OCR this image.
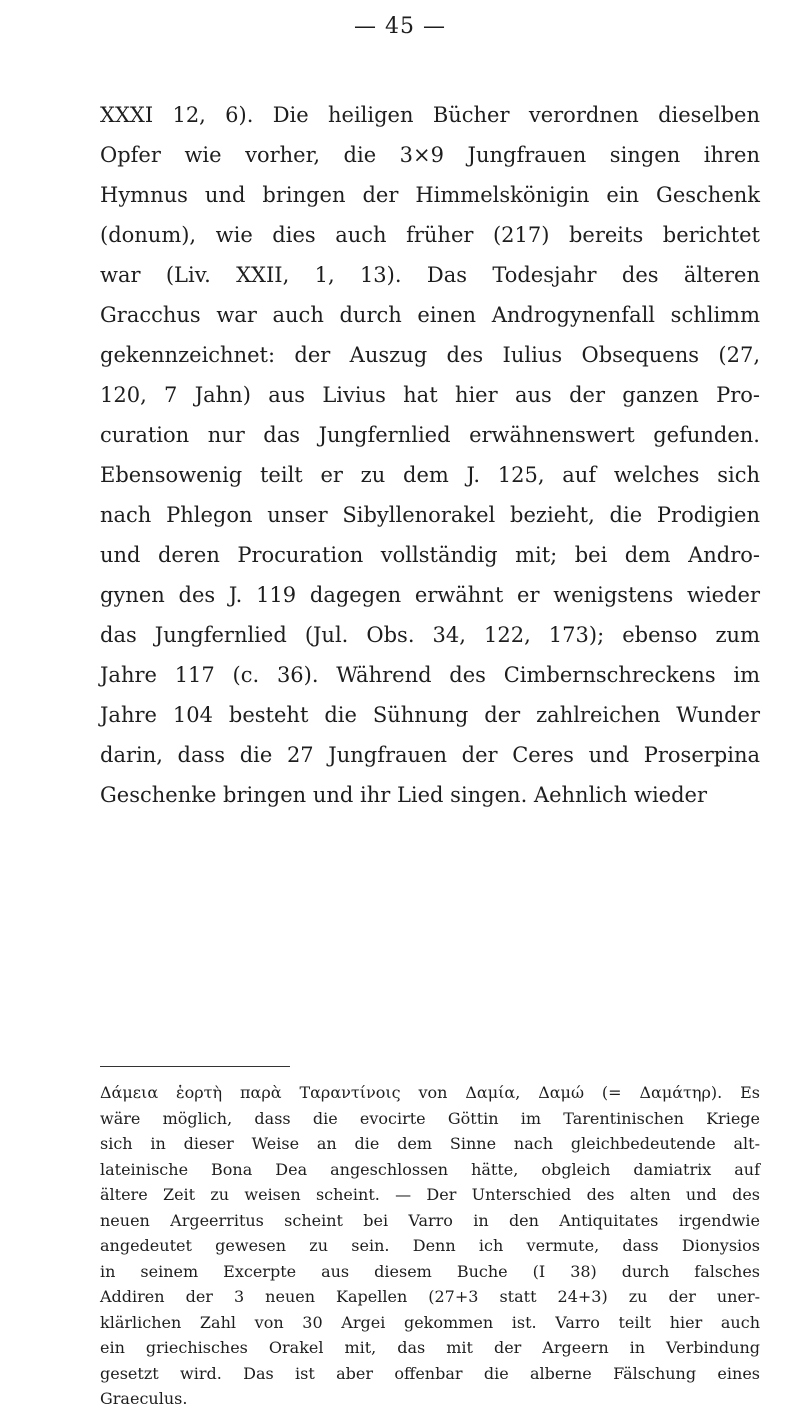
— 45 —
XXXI 12, 6). Die heiligen Bücher verordnen dieselben
Opfer wie vorher, die 3×9 Jungfrauen singen ihren
Hymnus und bringen der Himmelskönigin ein Geschenk
(donum), wie dies auch früher (217) bereits berichtet
war (Liv. XXII, 1, 13). Das Todesjahr des älteren
Gracchus war auch durch einen Androgynenfall schlimm
gekennzeichnet: der Auszug des Iulius Obsequens (27,
120, 7 Jahn) aus Livius hat hier aus der ganzen Pro-
curation nur das Jungfernlied erwähnenswert gefunden.
Ebensowenig teilt er zu dem J. 125, auf welches sich
nach Phlegon unser Sibyllenorakel bezieht, die Prodigien
und deren Procuration vollständig mit; bei dem Andro-
gynen des J. 119 dagegen erwähnt er wenigstens wieder
das Jungfernlied (Jul. Obs. 34, 122, 173); ebenso zum
Jahre 117 (c. 36). Während des Cimbernschreckens im
Jahre 104 besteht die Sühnung der zahlreichen Wunder
darin, dass die 27 Jungfrauen der Ceres und Proserpina
Geschenke bringen und ihr Lied singen. Aehnlich wieder
Δάμεια ἑορτὴ παρὰ Ταραντίνοις von Δαμία, Δαμώ (= Δαμάτηρ). Es
wäre möglich, dass die evocirte Göttin im Tarentinischen Kriege
sich in dieser Weise an die dem Sinne nach gleichbedeutende alt-
lateinische Bona Dea angeschlossen hätte, obgleich damiatrix auf
ältere Zeit zu weisen scheint. — Der Unterschied des alten und des
neuen Argeerritus scheint bei Varro in den Antiquitates irgendwie
angedeutet gewesen zu sein. Denn ich vermute, dass Dionysios
in seinem Excerpte aus diesem Buche (I 38) durch falsches
Addiren der 3 neuen Kapellen (27+3 statt 24+3) zu der uner-
klärlichen Zahl von 30 Argei gekommen ist. Varro teilt hier auch
ein griechisches Orakel mit, das mit der Argeern in Verbindung
gesetzt wird. Das ist aber offenbar die alberne Fälschung eines
Graeculus.
